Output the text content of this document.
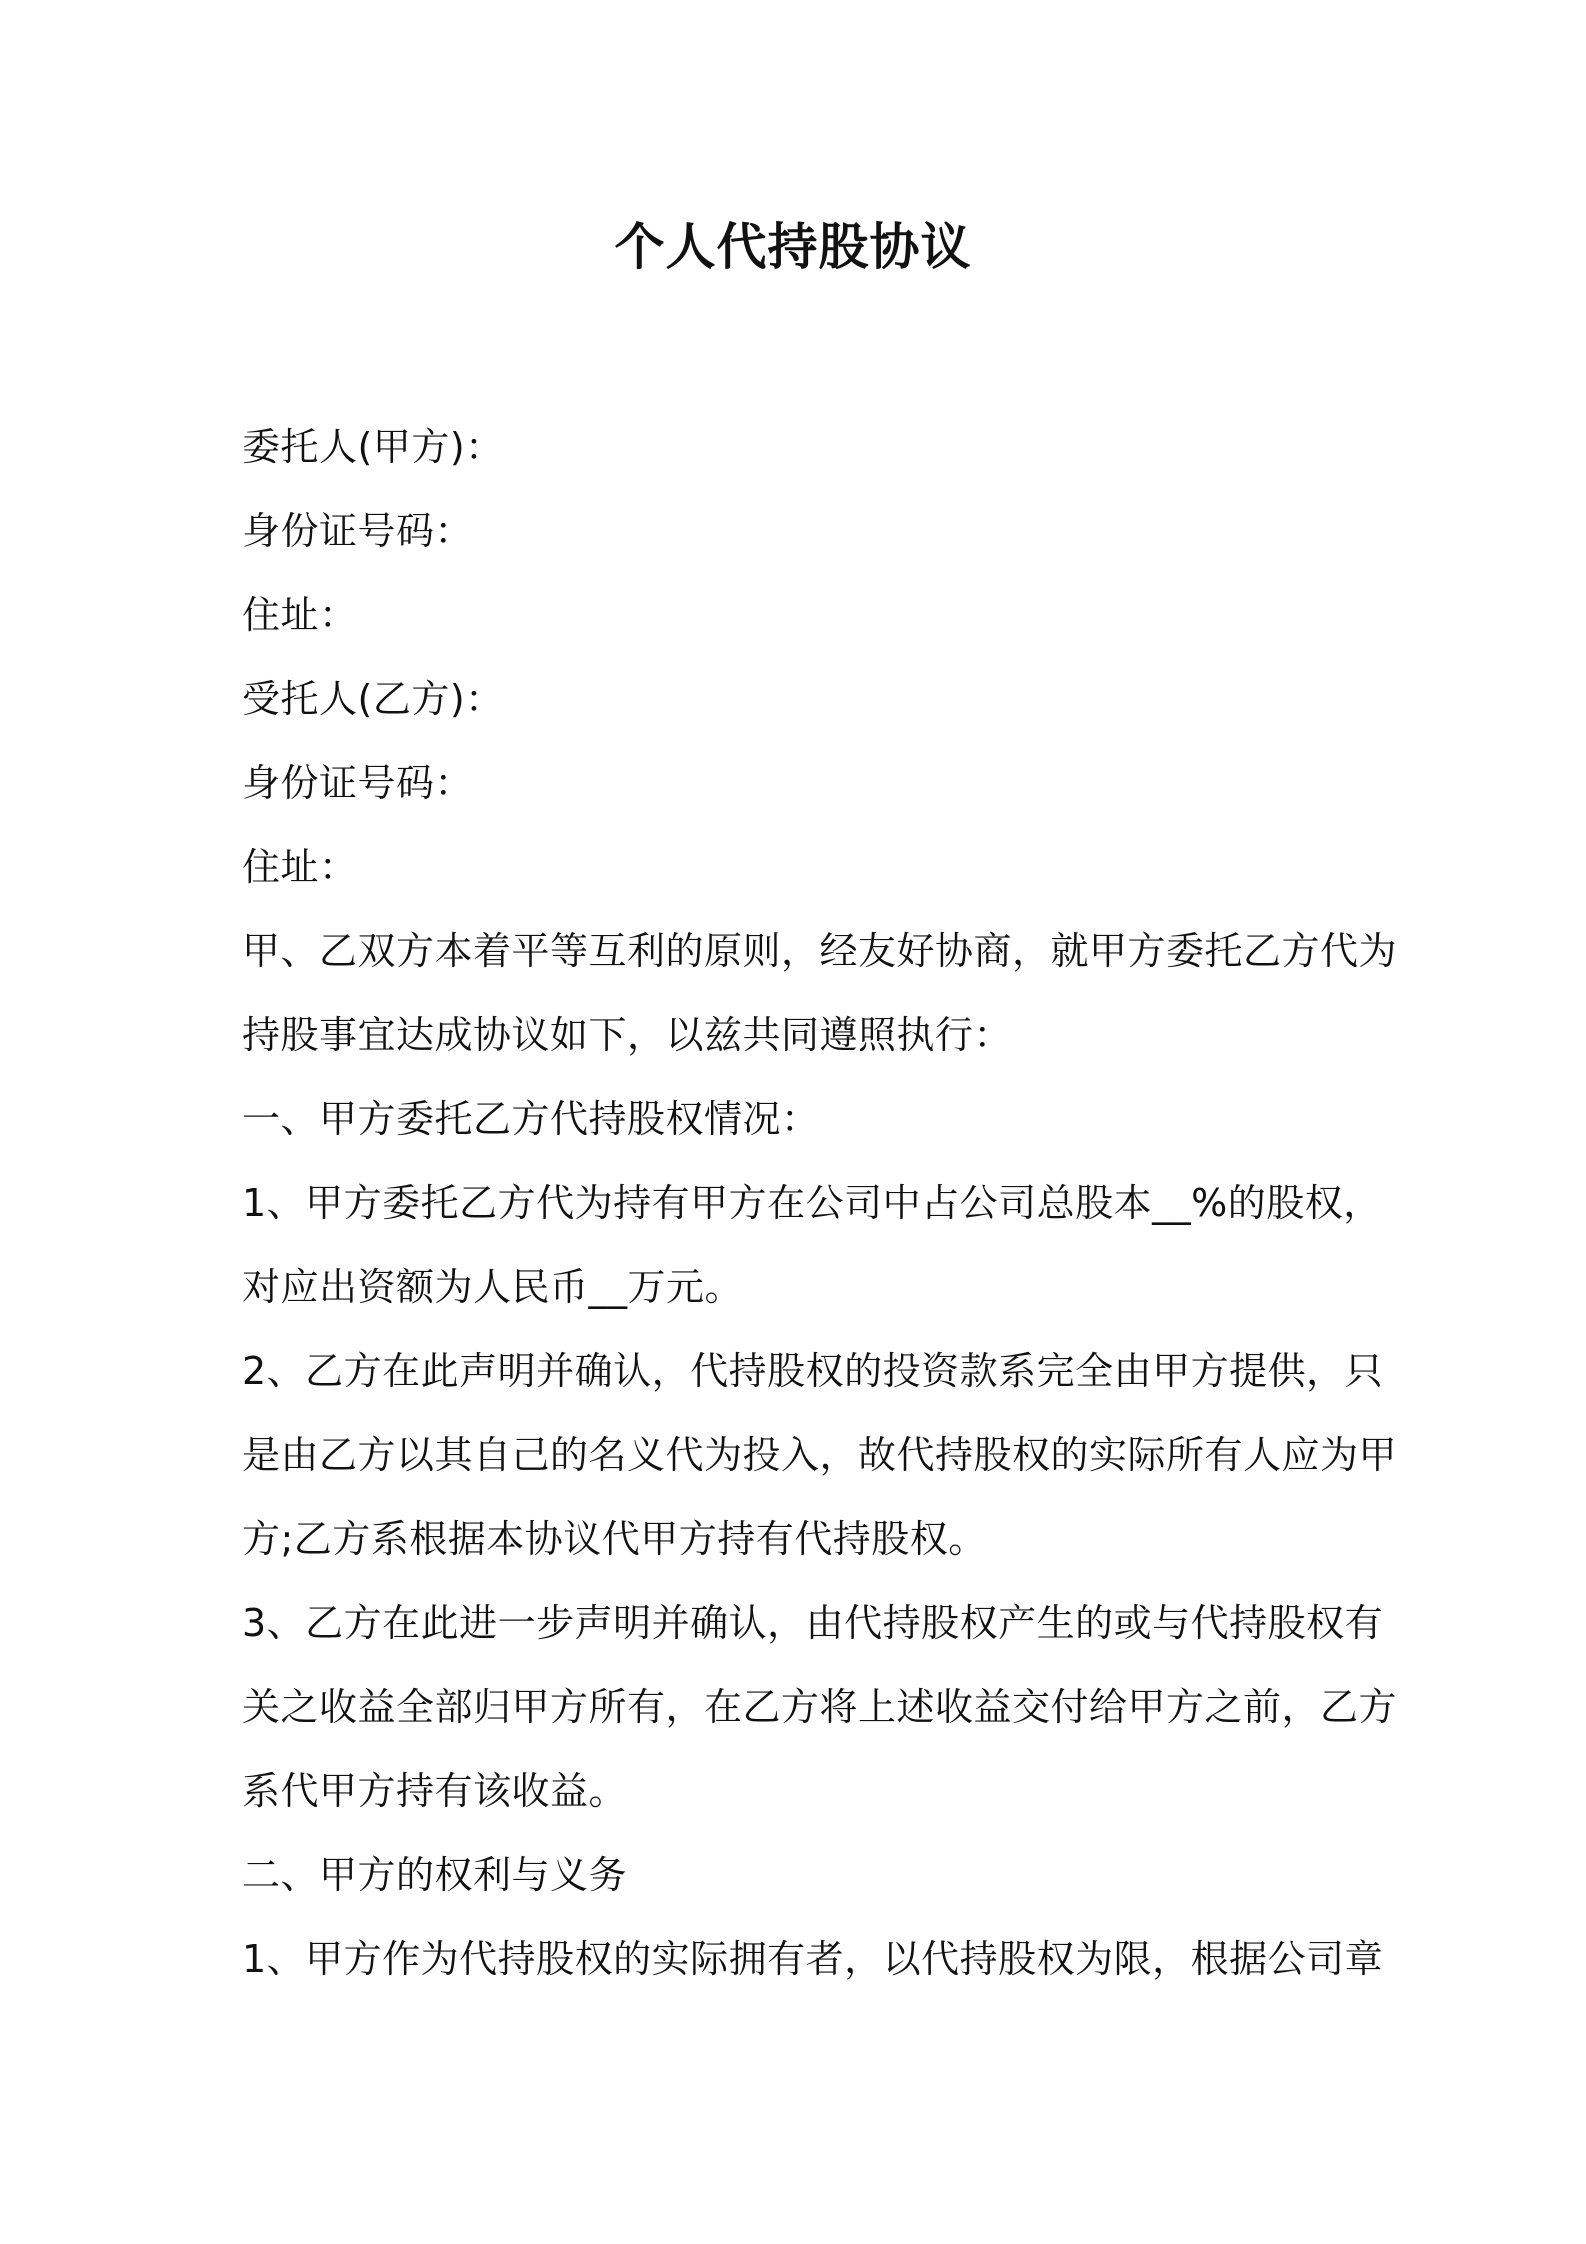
个人代持股协议
委托人(甲方)：
身份证号码：
住址：
受托人(乙方)：
身份证号码：
住址：
甲、乙双方本着平等互利的原则，经友好协商，就甲方委托乙方代为
持股事宜达成协议如下，以兹共同遵照执行：
一、甲方委托乙方代持股权情况：
1、甲方委托乙方代为持有甲方在公司中占公司总股本__%的股权，
对应出资额为人民币__万元。
2、乙方在此声明并确认，代持股权的投资款系完全由甲方提供，只
是由乙方以其自己的名义代为投入，故代持股权的实际所有人应为甲
方;乙方系根据本协议代甲方持有代持股权。
3、乙方在此进一步声明并确认，由代持股权产生的或与代持股权有
关之收益全部归甲方所有，在乙方将上述收益交付给甲方之前，乙方
系代甲方持有该收益。
二、甲方的权利与义务
1、甲方作为代持股权的实际拥有者，以代持股权为限，根据公司章
